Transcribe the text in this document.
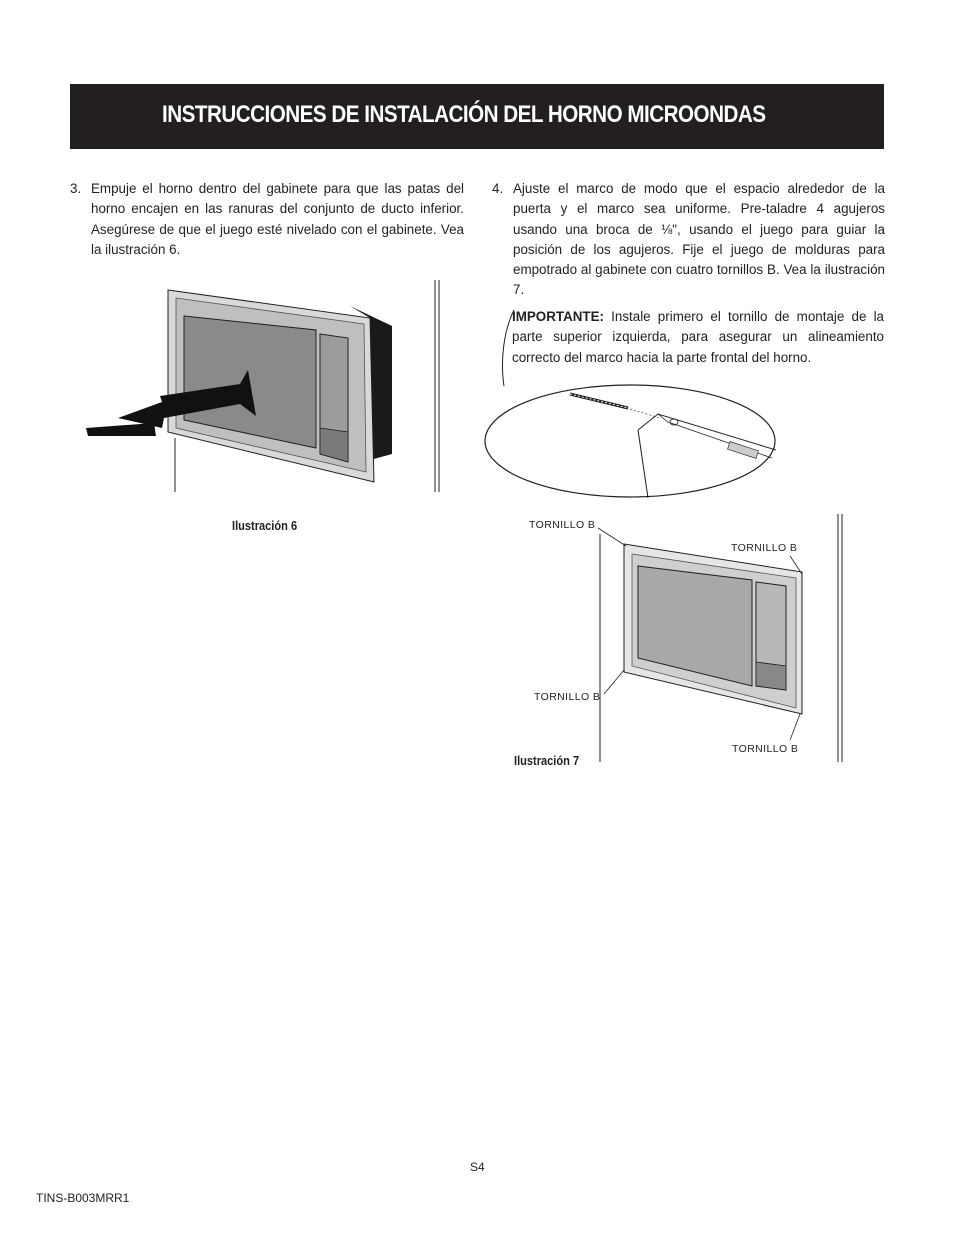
INSTRUCCIONES DE INSTALACIÓN DEL HORNO MICROONDAS
3. Empuje el horno dentro del gabinete para que las patas del horno encajen en las ranuras del conjunto de ducto inferior. Asegúrese de que el juego esté nivelado con el gabinete. Vea la ilustración 6.
4. Ajuste el marco de modo que el espacio alrededor de la puerta y el marco sea uniforme. Pre-taladre 4 agujeros usando una broca de ⅛", usando el juego para guiar la posición de los agujeros. Fije el juego de molduras para empotrado al gabinete con cuatro tornillos B. Vea la ilustración 7.
IMPORTANTE: Instale primero el tornillo de montaje de la parte superior izquierda, para asegurar un alineamiento correcto del marco hacia la parte frontal del horno.
Ilustración 6	TORNILLO B
TORNILLO B
TORNILLO B
TORNILLO B
Ilustración 7
S4
TINS-B003MRR1
